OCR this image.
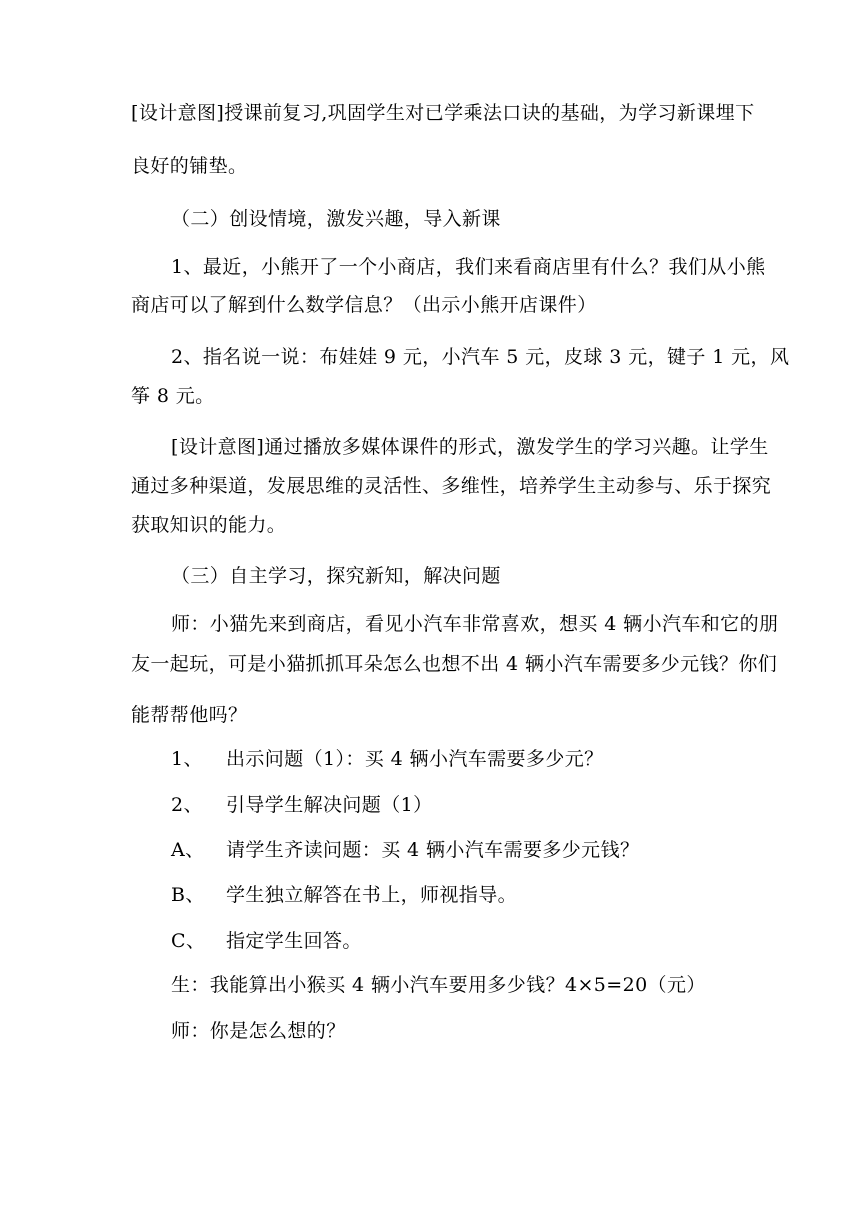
[设计意图]授课前复习,巩固学生对已学乘法口诀的基础，为学习新课埋下
良好的铺垫。
（二）创设情境，激发兴趣，导入新课
1、最近，小熊开了一个小商店，我们来看商店里有什么？我们从小熊
商店可以了解到什么数学信息？（出示小熊开店课件）
2、指名说一说：布娃娃 9 元，小汽车 5 元，皮球 3 元，键子 1 元，风
筝 8 元。
[设计意图]通过播放多媒体课件的形式，激发学生的学习兴趣。让学生
通过多种渠道，发展思维的灵活性、多维性，培养学生主动参与、乐于探究
获取知识的能力。
（三）自主学习，探究新知，解决问题
师：小猫先来到商店，看见小汽车非常喜欢，想买 4 辆小汽车和它的朋
友一起玩，可是小猫抓抓耳朵怎么也想不出 4 辆小汽车需要多少元钱？你们
能帮帮他吗？
1、 出示问题（1）：买 4 辆小汽车需要多少元？
2、 引导学生解决问题（1）
A、 请学生齐读问题：买 4 辆小汽车需要多少元钱？
B、 学生独立解答在书上，师视指导。
C、 指定学生回答。
生：我能算出小猴买 4 辆小汽车要用多少钱？4×5=20（元）
师：你是怎么想的？
